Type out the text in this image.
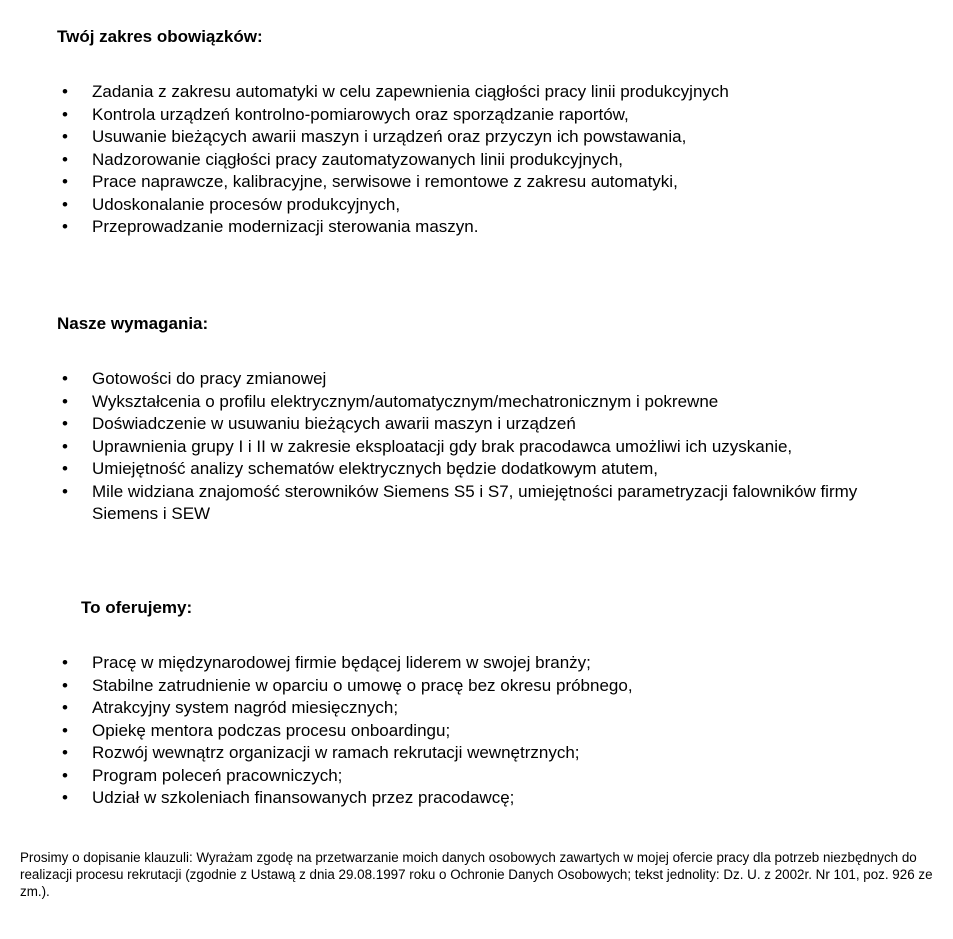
Twój zakres obowiązków:
• Zadania z zakresu automatyki w celu zapewnienia ciągłości pracy linii produkcyjnych
• Kontrola urządzeń kontrolno-pomiarowych oraz sporządzanie raportów,
• Usuwanie bieżących awarii maszyn i urządzeń oraz przyczyn ich powstawania,
• Nadzorowanie ciągłości pracy zautomatyzowanych linii produkcyjnych,
• Prace naprawcze, kalibracyjne, serwisowe i remontowe z zakresu automatyki,
• Udoskonalanie procesów produkcyjnych,
• Przeprowadzanie modernizacji sterowania maszyn.
Nasze wymagania:
• Gotowości do pracy zmianowej
• Wykształcenia o profilu elektrycznym/automatycznym/mechatronicznym i pokrewne
• Doświadczenie w usuwaniu bieżących awarii maszyn i urządzeń
• Uprawnienia grupy I i II w zakresie eksploatacji gdy brak pracodawca umożliwi ich uzyskanie,
• Umiejętność analizy schematów elektrycznych będzie dodatkowym atutem,
• Mile widziana znajomość sterowników Siemens S5 i S7, umiejętności parametryzacji falowników firmy Siemens i SEW
To oferujemy:
• Pracę w międzynarodowej firmie będącej liderem w swojej branży;
• Stabilne zatrudnienie w oparciu o umowę o pracę bez okresu próbnego,
• Atrakcyjny system nagród miesięcznych;
• Opiekę mentora podczas procesu onboardingu;
• Rozwój wewnątrz organizacji w ramach rekrutacji wewnętrznych;
• Program poleceń pracowniczych;
• Udział w szkoleniach finansowanych przez pracodawcę;
Prosimy o dopisanie klauzuli: Wyrażam zgodę na przetwarzanie moich danych osobowych zawartych w mojej ofercie pracy dla potrzeb niezbędnych do realizacji procesu rekrutacji (zgodnie z Ustawą z dnia 29.08.1997 roku o Ochronie Danych Osobowych; tekst jednolity: Dz. U. z 2002r. Nr 101, poz. 926 ze zm.).
